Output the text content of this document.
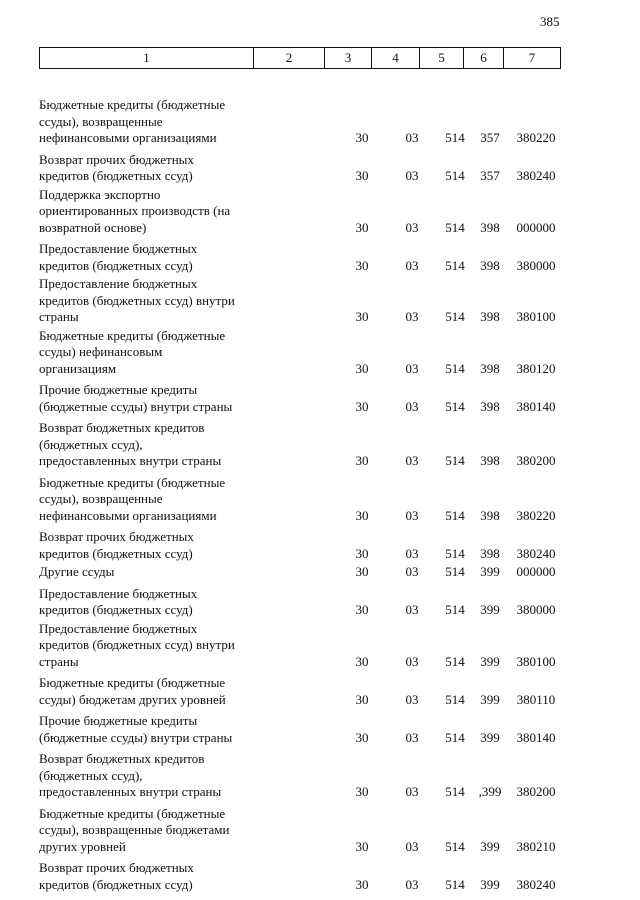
385
1	2	3	4	5	6	7
Бюджетные кредиты (бюджетные
ссуды), возвращенные
нефинансовыми организациями	30	03	514	357	380220
Возврат прочих бюджетных
кредитов (бюджетных ссуд)	30	03	514	357	380240
Поддержка экспортно
ориентированных производств (на
возвратной основе)	30	03	514	398	000000
Предоставление бюджетных
кредитов (бюджетных ссуд)	30	03	514	398	380000
Предоставление бюджетных
кредитов (бюджетных ссуд) внутри
страны	30	03	514	398	380100
Бюджетные кредиты (бюджетные
ссуды) нефинансовым
организациям	30	03	514	398	380120
Прочие бюджетные кредиты
(бюджетные ссуды) внутри страны	30	03	514	398	380140
Возврат бюджетных кредитов
(бюджетных ссуд),
предоставленных внутри страны	30	03	514	398	380200
Бюджетные кредиты (бюджетные
ссуды), возвращенные
нефинансовыми организациями	30	03	514	398	380220
Возврат прочих бюджетных
кредитов (бюджетных ссуд)	30	03	514	398	380240
Другие ссуды	30	03	514	399	000000
Предоставление бюджетных
кредитов (бюджетных ссуд)	30	03	514	399	380000
Предоставление бюджетных
кредитов (бюджетных ссуд) внутри
страны	30	03	514	399	380100
Бюджетные кредиты (бюджетные
ссуды) бюджетам других уровней	30	03	514	399	380110
Прочие бюджетные кредиты
(бюджетные ссуды) внутри страны	30	03	514	399	380140
Возврат бюджетных кредитов
(бюджетных ссуд),
предоставленных внутри страны	30	03	514	,399	380200
Бюджетные кредиты (бюджетные
ссуды), возвращенные бюджетами
других уровней	30	03	514	399	380210
Возврат прочих бюджетных
кредитов (бюджетных ссуд)	30	03	514	399	380240
